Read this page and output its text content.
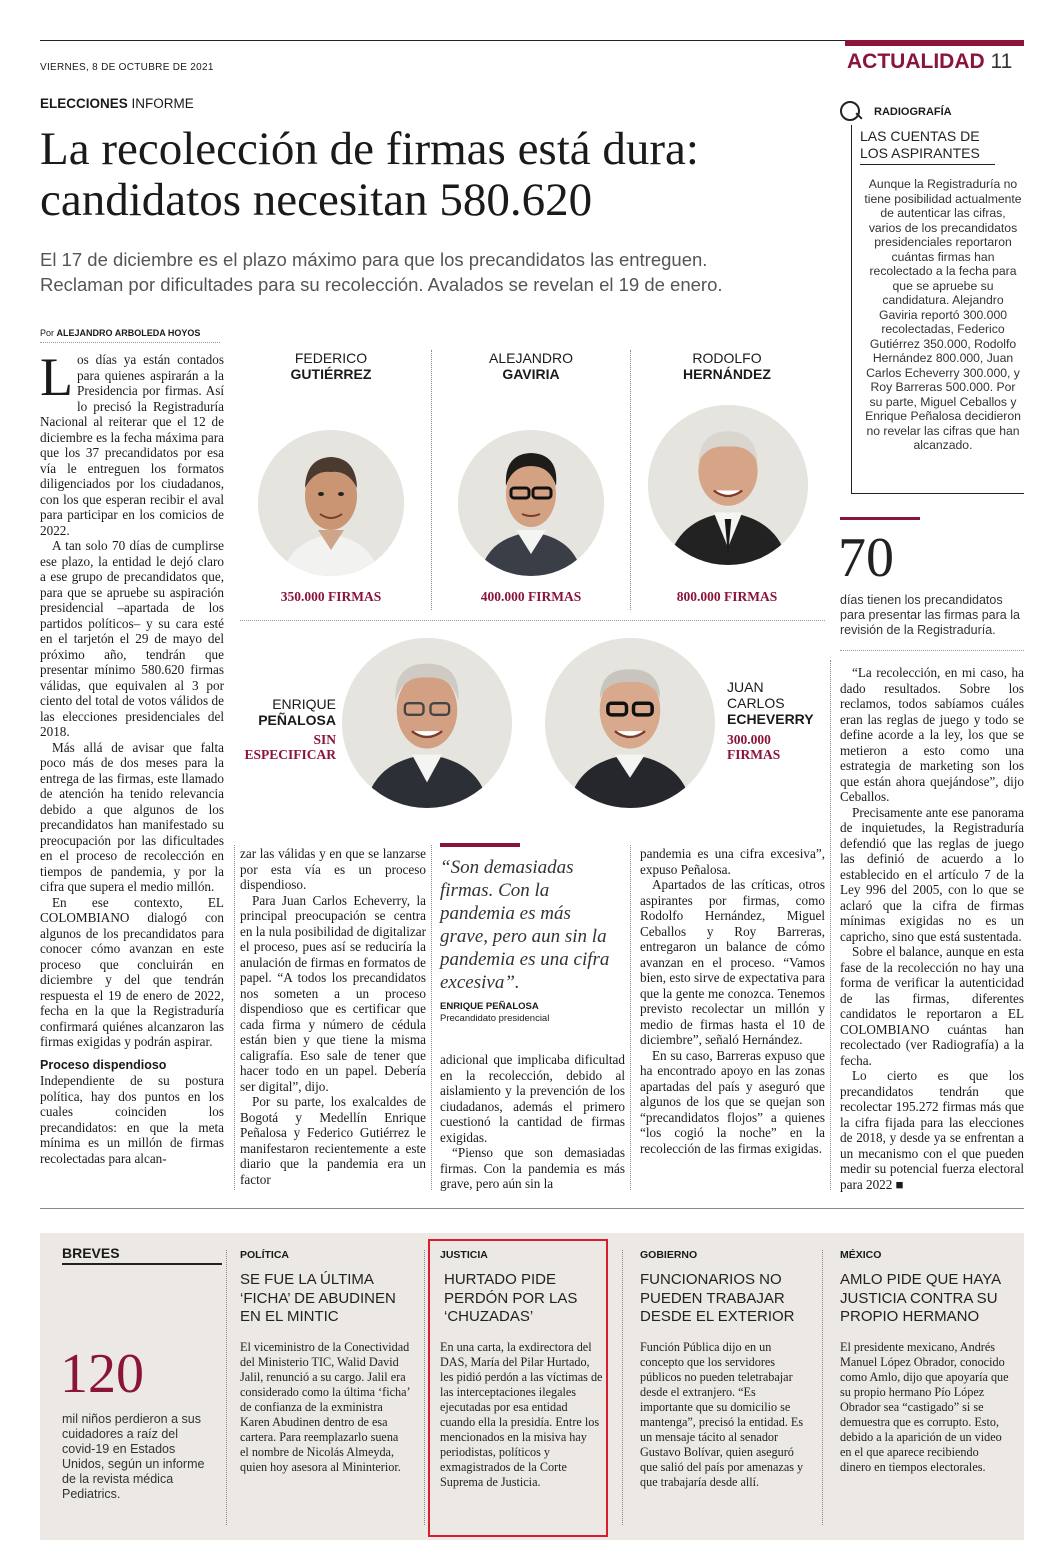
VIERNES, 8 DE OCTUBRE DE 2021	ACTUALIDAD 11
ELECCIONES INFORME
La recolección de firmas está dura:
candidatos necesitan 580.620
El 17 de diciembre es el plazo máximo para que los precandidatos las entreguen.
Reclaman por dificultades para su recolección. Avalados se revelan el 19 de enero.
Por ALEJANDRO ARBOLEDA HOYOS

Los días ya están contados para quienes aspirarán a la Presidencia por firmas. Así lo precisó la Registraduría Nacional al reiterar que el 12 de diciembre es la fecha máxima para que los 37 precandidatos por esa vía le entreguen los formatos diligenciados por los ciudadanos, con los que esperan recibir el aval para participar en los comicios de 2022.

A tan solo 70 días de cumplirse ese plazo, la entidad le dejó claro a ese grupo de precandidatos que, para que se apruebe su aspiración presidencial –apartada de los partidos políticos– y su cara esté en el tarjetón el 29 de mayo del próximo año, tendrán que presentar mínimo 580.620 firmas válidas, que equivalen al 3 por ciento del total de votos válidos de las elecciones presidenciales del 2018.

Más allá de avisar que falta poco más de dos meses para la entrega de las firmas, este llamado de atención ha tenido relevancia debido a que algunos de los precandidatos han manifestado su preocupación por las dificultades en el proceso de recolección en tiempos de pandemia, y por la cifra que supera el medio millón.

En ese contexto, EL COLOMBIANO dialogó con algunos de los precandidatos para conocer cómo avanzan en este proceso que concluirán en diciembre y del que tendrán respuesta el 19 de enero de 2022, fecha en la que la Registraduría confirmará quiénes alcanzaron las firmas exigidas y podrán aspirar.

Proceso dispendioso

Independiente de su postura política, hay dos puntos en los cuales coinciden los precandidatos: en que la meta mínima es un millón de firmas recolectadas para alcan-

FEDERICO
GUTIÉRREZ
350.000 FIRMAS
ALEJANDRO
GAVIRIA
400.000 FIRMAS
RODOLFO
HERNÁNDEZ
800.000 FIRMAS
ENRIQUE
PEÑALOSA
SIN
ESPECIFICAR
JUAN
CARLOS
ECHEVERRY
300.000
FIRMAS

zar las válidas y en que se lanzarse por esta vía es un proceso dispendioso.

Para Juan Carlos Echeverry, la principal preocupación se centra en la nula posibilidad de digitalizar el proceso, pues así se reduciría la anulación de firmas en formatos de papel. “A todos los precandidatos nos someten a un proceso dispendioso que es certificar que cada firma y número de cédula están bien y que tiene la misma caligrafía. Eso sale de tener que hacer todo en un papel. Debería ser digital”, dijo.

Por su parte, los exalcaldes de Bogotá y Medellín Enrique Peñalosa y Federico Gutiérrez le manifestaron recientemente a este diario que la pandemia era un factor

“Son demasiadas firmas. Con la pandemia es más grave, pero aun sin la pandemia es una cifra excesiva”.
ENRIQUE PEÑALOSA
Precandidato presidencial

adicional que implicaba dificultad en la recolección, debido al aislamiento y la prevención de los ciudadanos, además el primero cuestionó la cantidad de firmas exigidas.

“Pienso que son demasiadas firmas. Con la pandemia es más grave, pero aún sin la

pandemia es una cifra excesiva”, expuso Peñalosa.

Apartados de las críticas, otros aspirantes por firmas, como Rodolfo Hernández, Miguel Ceballos y Roy Barreras, entregaron un balance de cómo avanzan en el proceso. “Vamos bien, esto sirve de expectativa para que la gente me conozca. Tenemos previsto recolectar un millón y medio de firmas hasta el 10 de diciembre”, señaló Hernández.

En su caso, Barreras expuso que ha encontrado apoyo en las zonas apartadas del país y aseguró que algunos de los que se quejan son “precandidatos flojos” a quienes “los cogió la noche” en la recolección de las firmas exigidas.

RADIOGRAFÍA
LAS CUENTAS DE
LOS ASPIRANTES
Aunque la Registraduría no tiene posibilidad actualmente de autenticar las cifras, varios de los precandidatos presidenciales reportaron cuántas firmas han recolectado a la fecha para que se apruebe su candidatura. Alejandro Gaviria reportó 300.000 recolectadas, Federico Gutiérrez 350.000, Rodolfo Hernández 800.000, Juan Carlos Echeverry 300.000, y Roy Barreras 500.000. Por su parte, Miguel Ceballos y Enrique Peñalosa decidieron no revelar las cifras que han alcanzado.
70
días tienen los precandidatos para presentar las firmas para la revisión de la Registraduría.

“La recolección, en mi caso, ha dado resultados. Sobre los reclamos, todos sabíamos cuáles eran las reglas de juego y todo se define acorde a la ley, los que se metieron a esto como una estrategia de marketing son los que están ahora quejándose”, dijo Ceballos.

Precisamente ante ese panorama de inquietudes, la Registraduría defendió que las reglas de juego las definió de acuerdo a lo establecido en el artículo 7 de la Ley 996 del 2005, con lo que se aclaró que la cifra de firmas mínimas exigidas no es un capricho, sino que está sustentada.

Sobre el balance, aunque en esta fase de la recolección no hay una forma de verificar la autenticidad de las firmas, diferentes candidatos le reportaron a EL COLOMBIANO cuántas han recolectado (ver Radiografía) a la fecha.

Lo cierto es que los precandidatos tendrán que recolectar 195.272 firmas más que la cifra fijada para las elecciones de 2018, y desde ya se enfrentan a un mecanismo con el que pueden medir su potencial fuerza electoral para 2022 ■

BREVES
120
mil niños perdieron a sus cuidadores a raíz del covid-19 en Estados Unidos, según un informe de la revista médica Pediatrics.
POLÍTICA
SE FUE LA ÚLTIMA ‘FICHA’ DE ABUDINEN EN EL MINTIC
El viceministro de la Conectividad del Ministerio TIC, Walid David Jalil, renunció a su cargo. Jalil era considerado como la última ‘ficha’ de confianza de la exministra Karen Abudinen dentro de esa cartera. Para reemplazarlo suena el nombre de Nicolás Almeyda, quien hoy asesora al Mininterior.
JUSTICIA
HURTADO PIDE PERDÓN POR LAS ‘CHUZADAS’
En una carta, la exdirectora del DAS, María del Pilar Hurtado, les pidió perdón a las víctimas de las interceptaciones ilegales ejecutadas por esa entidad cuando ella la presidía. Entre los mencionados en la misiva hay periodistas, políticos y exmagistrados de la Corte Suprema de Justicia.
GOBIERNO
FUNCIONARIOS NO PUEDEN TRABAJAR DESDE EL EXTERIOR
Función Pública dijo en un concepto que los servidores públicos no pueden teletrabajar desde el extranjero. “Es importante que su domicilio se mantenga”, precisó la entidad. Es un mensaje tácito al senador Gustavo Bolívar, quien aseguró que salió del país por amenazas y que trabajaría desde allí.
MÉXICO
AMLO PIDE QUE HAYA JUSTICIA CONTRA SU PROPIO HERMANO
El presidente mexicano, Andrés Manuel López Obrador, conocido como Amlo, dijo que apoyaría que su propio hermano Pío López Obrador sea “castigado” si se demuestra que es corrupto. Esto, debido a la aparición de un video en el que aparece recibiendo dinero en tiempos electorales.
